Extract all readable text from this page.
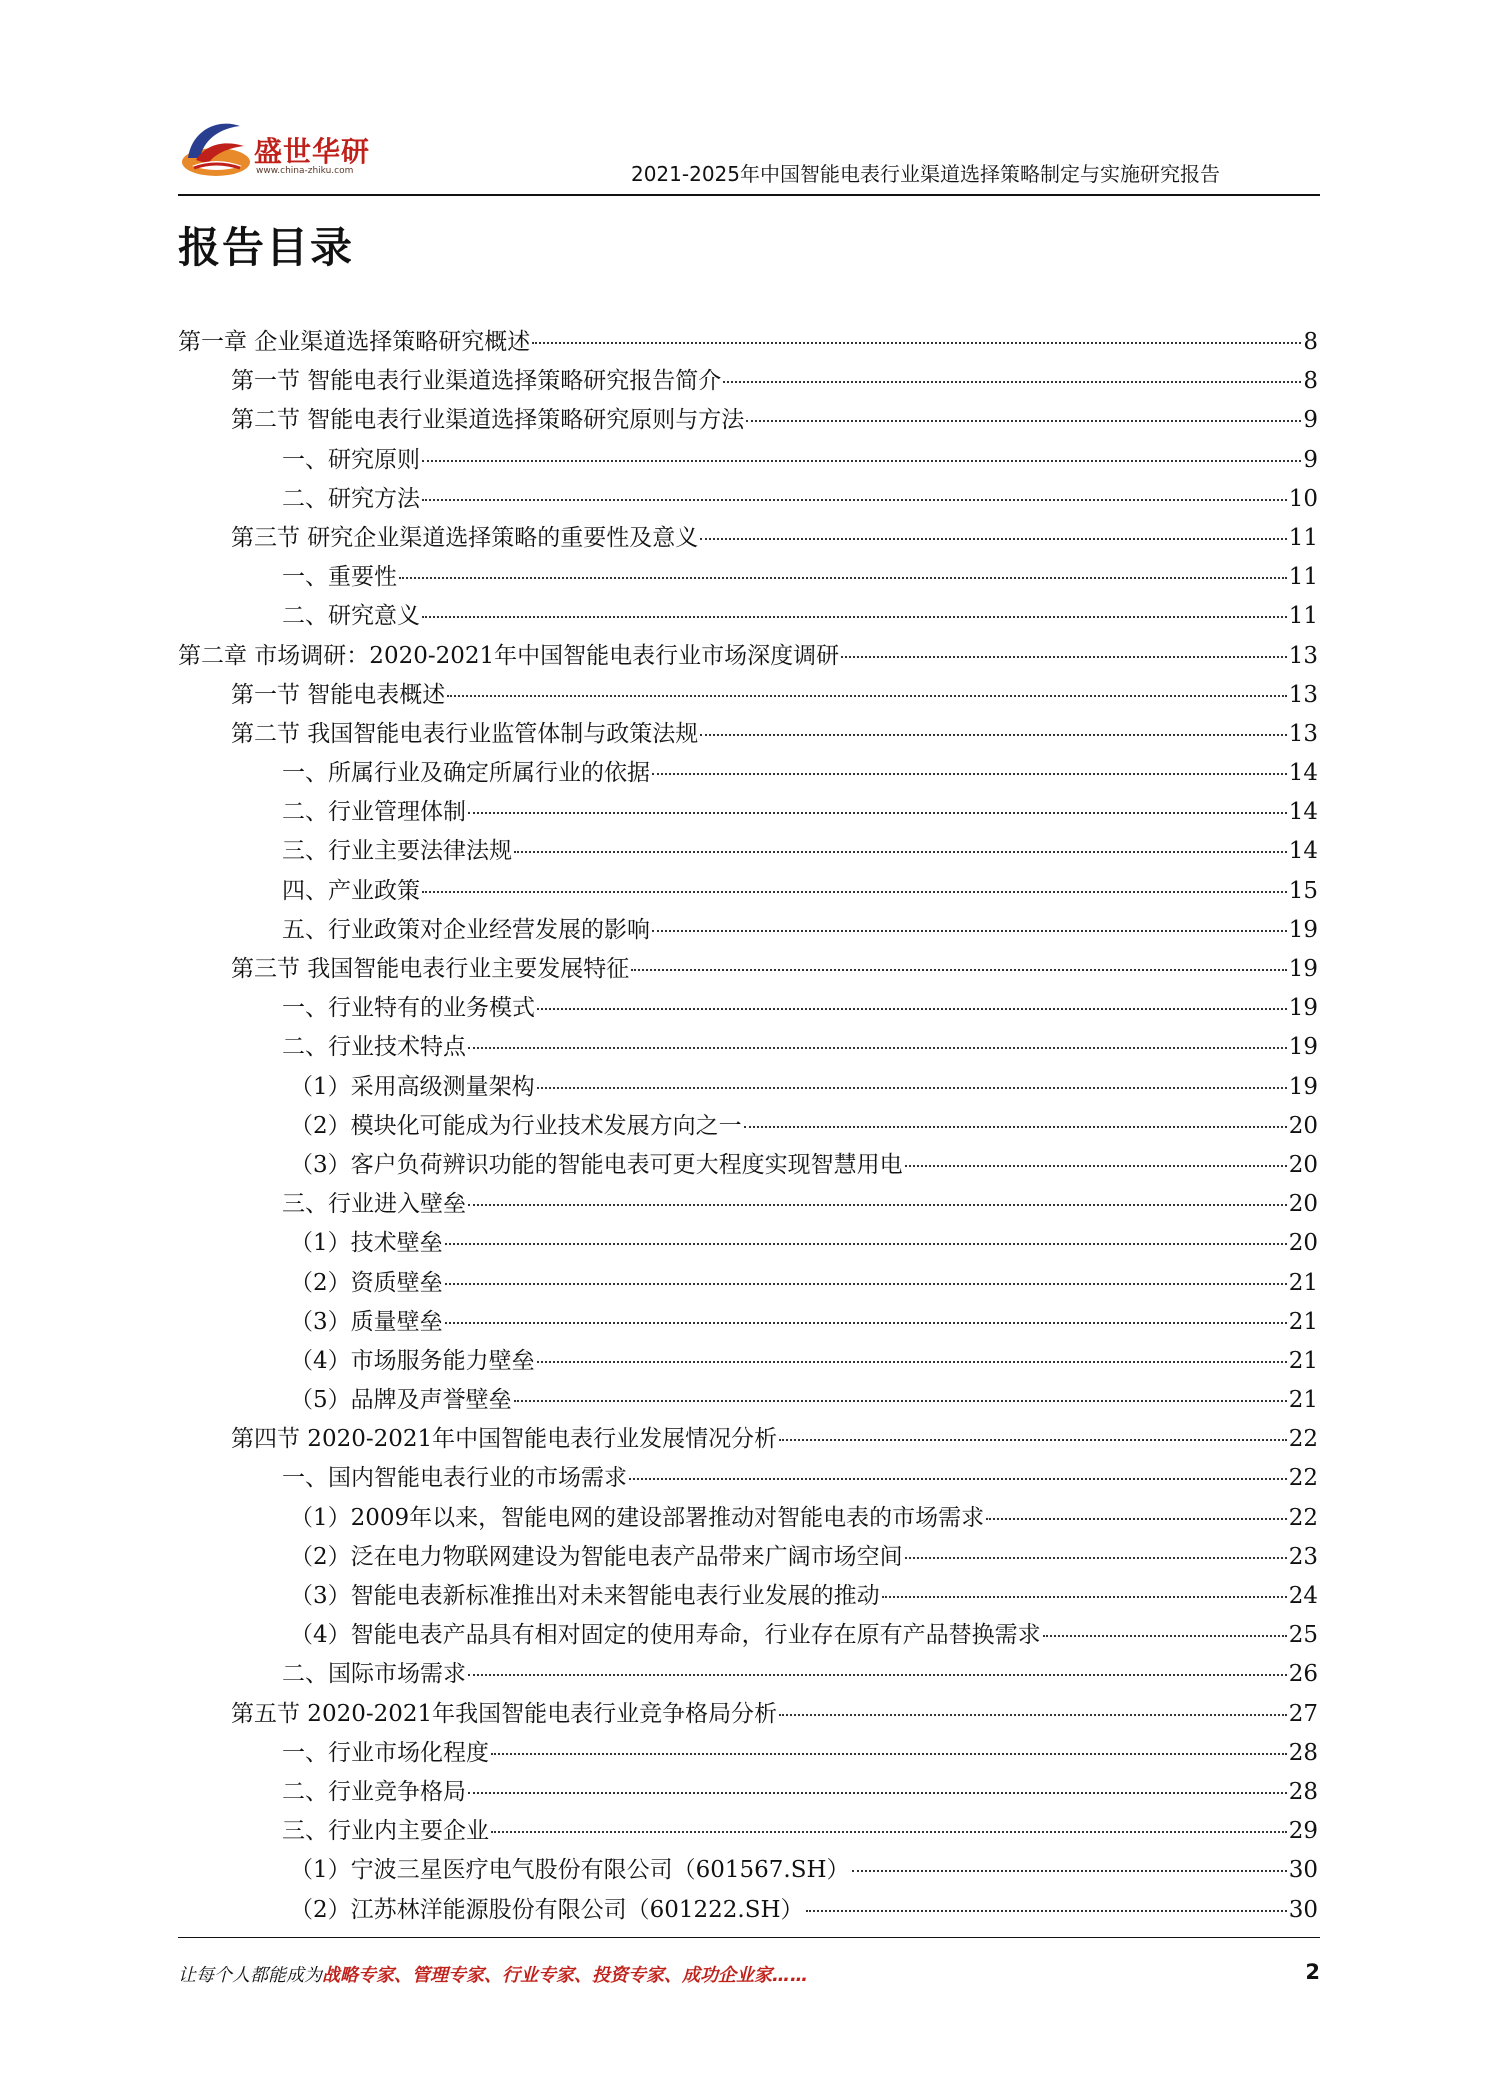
盛世华研
www.china-zhiku.com	2021-2025年中国智能电表行业渠道选择策略制定与实施研究报告
报告目录
第一章 企业渠道选择策略研究概述	8
第一节 智能电表行业渠道选择策略研究报告简介	8
第二节 智能电表行业渠道选择策略研究原则与方法	9
一、研究原则	9
二、研究方法	10
第三节 研究企业渠道选择策略的重要性及意义	11
一、重要性	11
二、研究意义	11
第二章 市场调研：2020-2021年中国智能电表行业市场深度调研	13
第一节 智能电表概述	13
第二节 我国智能电表行业监管体制与政策法规	13
一、所属行业及确定所属行业的依据	14
二、行业管理体制	14
三、行业主要法律法规	14
四、产业政策	15
五、行业政策对企业经营发展的影响	19
第三节 我国智能电表行业主要发展特征	19
一、行业特有的业务模式	19
二、行业技术特点	19
（1）采用高级测量架构	19
（2）模块化可能成为行业技术发展方向之一	20
（3）客户负荷辨识功能的智能电表可更大程度实现智慧用电	20
三、行业进入壁垒	20
（1）技术壁垒	20
（2）资质壁垒	21
（3）质量壁垒	21
（4）市场服务能力壁垒	21
（5）品牌及声誉壁垒	21
第四节 2020-2021年中国智能电表行业发展情况分析	22
一、国内智能电表行业的市场需求	22
（1）2009年以来，智能电网的建设部署推动对智能电表的市场需求	22
（2）泛在电力物联网建设为智能电表产品带来广阔市场空间	23
（3）智能电表新标准推出对未来智能电表行业发展的推动	24
（4）智能电表产品具有相对固定的使用寿命，行业存在原有产品替换需求	25
二、国际市场需求	26
第五节 2020-2021年我国智能电表行业竞争格局分析	27
一、行业市场化程度	28
二、行业竞争格局	28
三、行业内主要企业	29
（1）宁波三星医疗电气股份有限公司（601567.SH）	30
（2）江苏林洋能源股份有限公司（601222.SH）	30
让每个人都能成为战略专家、管理专家、行业专家、投资专家、成功企业家……	2
